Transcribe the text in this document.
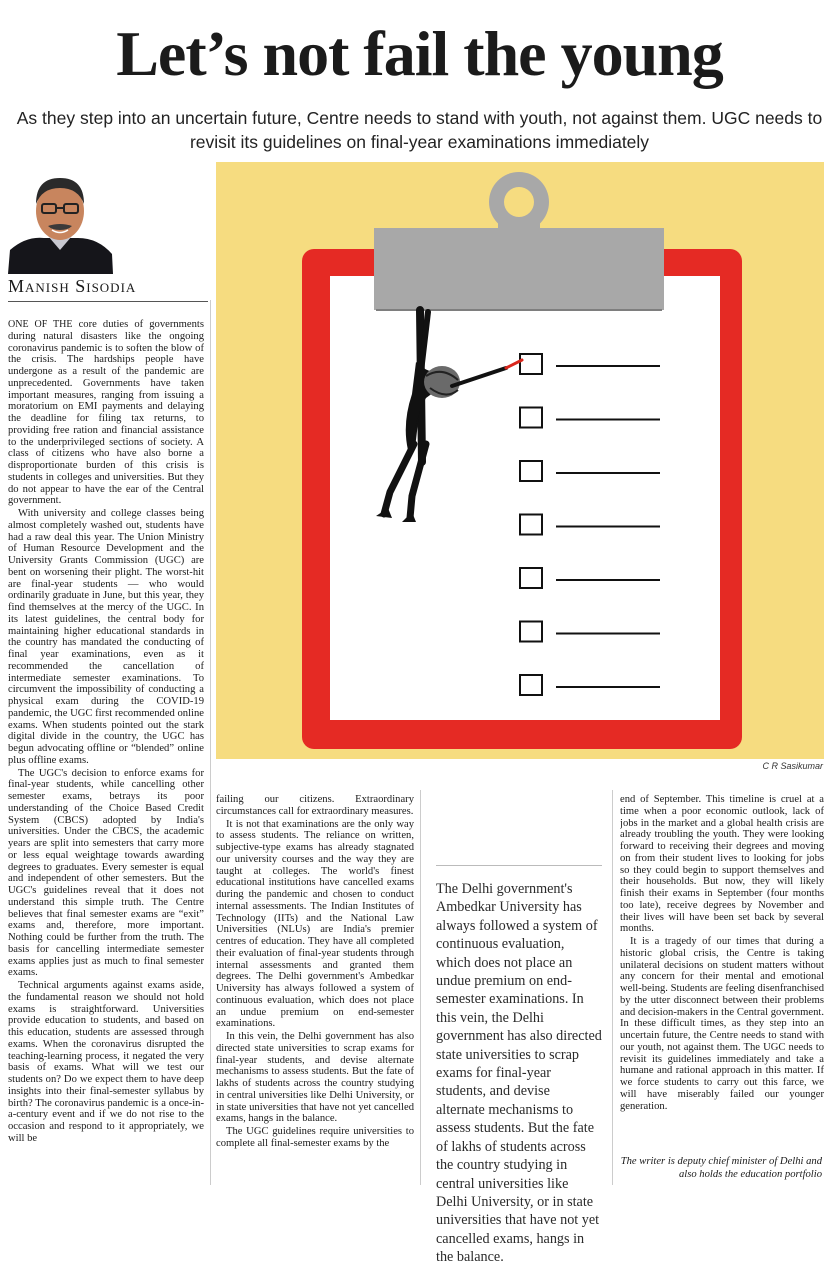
Let’s not fail the young
As they step into an uncertain future, Centre needs to stand with youth, not against them. UGC needs to revisit its guidelines on final-year examinations immediately
Manish Sisodia
C R Sasikumar

ONE OF THE core duties of governments during natural disasters like the ongoing coronavirus pandemic is to soften the blow of the crisis. The hardships people have undergone as a result of the pandemic are unprecedented. Governments have taken important measures, ranging from issuing a moratorium on EMI payments and delaying the deadline for filing tax returns, to providing free ration and financial assistance to the underprivileged sections of society. A class of citizens who have also borne a disproportionate burden of this crisis is students in colleges and universities. But they do not appear to have the ear of the Central government.

With university and college classes being almost completely washed out, students have had a raw deal this year. The Union Ministry of Human Resource Development and the University Grants Commission (UGC) are bent on worsening their plight. The worst-hit are final-year students — who would ordinarily graduate in June, but this year, they find themselves at the mercy of the UGC. In its latest guidelines, the central body for maintaining higher educational standards in the country has mandated the conducting of final year examinations, even as it recommended the cancellation of intermediate semester examinations. To circumvent the impossibility of conducting a physical exam during the COVID-19 pandemic, the UGC first recommended online exams. When students pointed out the stark digital divide in the country, the UGC has begun advocating offline or “blended” online plus offline exams.

The UGC's decision to enforce exams for final-year students, while cancelling other semester exams, betrays its poor understanding of the Choice Based Credit System (CBCS) adopted by India's universities. Under the CBCS, the academic years are split into semesters that carry more or less equal weightage towards awarding degrees to graduates. Every semester is equal and independent of other semesters. But the UGC's guidelines reveal that it does not understand this simple truth. The Centre believes that final semester exams are “exit” exams and, therefore, more important. Nothing could be further from the truth. The basis for cancelling intermediate semester exams applies just as much to final semester exams.

Technical arguments against exams aside, the fundamental reason we should not hold exams is straightforward. Universities provide education to students, and based on this education, students are assessed through exams. When the coronavirus disrupted the teaching-learning process, it negated the very basis of exams. What will we test our students on? Do we expect them to have deep insights into their final-semester syllabus by birth? The coronavirus pandemic is a once-in-a-century event and if we do not rise to the occasion and respond to it appropriately, we will be

failing our citizens. Extraordinary circumstances call for extraordinary measures.

It is not that examinations are the only way to assess students. The reliance on written, subjective-type exams has already stagnated our university courses and the way they are taught at colleges. The world's finest educational institutions have cancelled exams during the pandemic and chosen to conduct internal assessments. The Indian Institutes of Technology (IITs) and the National Law Universities (NLUs) are India's premier centres of education. They have all completed their evaluation of final-year students through internal assessments and granted them degrees. The Delhi government's Ambedkar University has always followed a system of continuous evaluation, which does not place an undue premium on end-semester examinations.

In this vein, the Delhi government has also directed state universities to scrap exams for final-year students, and devise alternate mechanisms to assess students. But the fate of lakhs of students across the country studying in central universities like Delhi University, or in state universities that have not yet cancelled exams, hangs in the balance.

The UGC guidelines require universities to complete all final-semester exams by the

The Delhi government's Ambedkar University has always followed a system of continuous evaluation, which does not place an undue premium on end-semester examinations. In this vein, the Delhi government has also directed state universities to scrap exams for final-year students, and devise alternate mechanisms to assess students. But the fate of lakhs of students across the country studying in central universities like Delhi University, or in state universities that have not yet cancelled exams, hangs in the balance.

end of September. This timeline is cruel at a time when a poor economic outlook, lack of jobs in the market and a global health crisis are already troubling the youth. They were looking forward to receiving their degrees and moving on from their student lives to looking for jobs so they could begin to support themselves and their households. But now, they will likely finish their exams in September (four months too late), receive degrees by November and their lives will have been set back by several months.

It is a tragedy of our times that during a historic global crisis, the Centre is taking unilateral decisions on student matters without any concern for their mental and emotional well-being. Students are feeling disenfranchised by the utter disconnect between their problems and decision-makers in the Central government. In these difficult times, as they step into an uncertain future, the Centre needs to stand with our youth, not against them. The UGC needs to revisit its guidelines immediately and take a humane and rational approach in this matter. If we force students to carry out this farce, we will have miserably failed our younger generation.

The writer is deputy chief minister of Delhi and also holds the education portfolio
